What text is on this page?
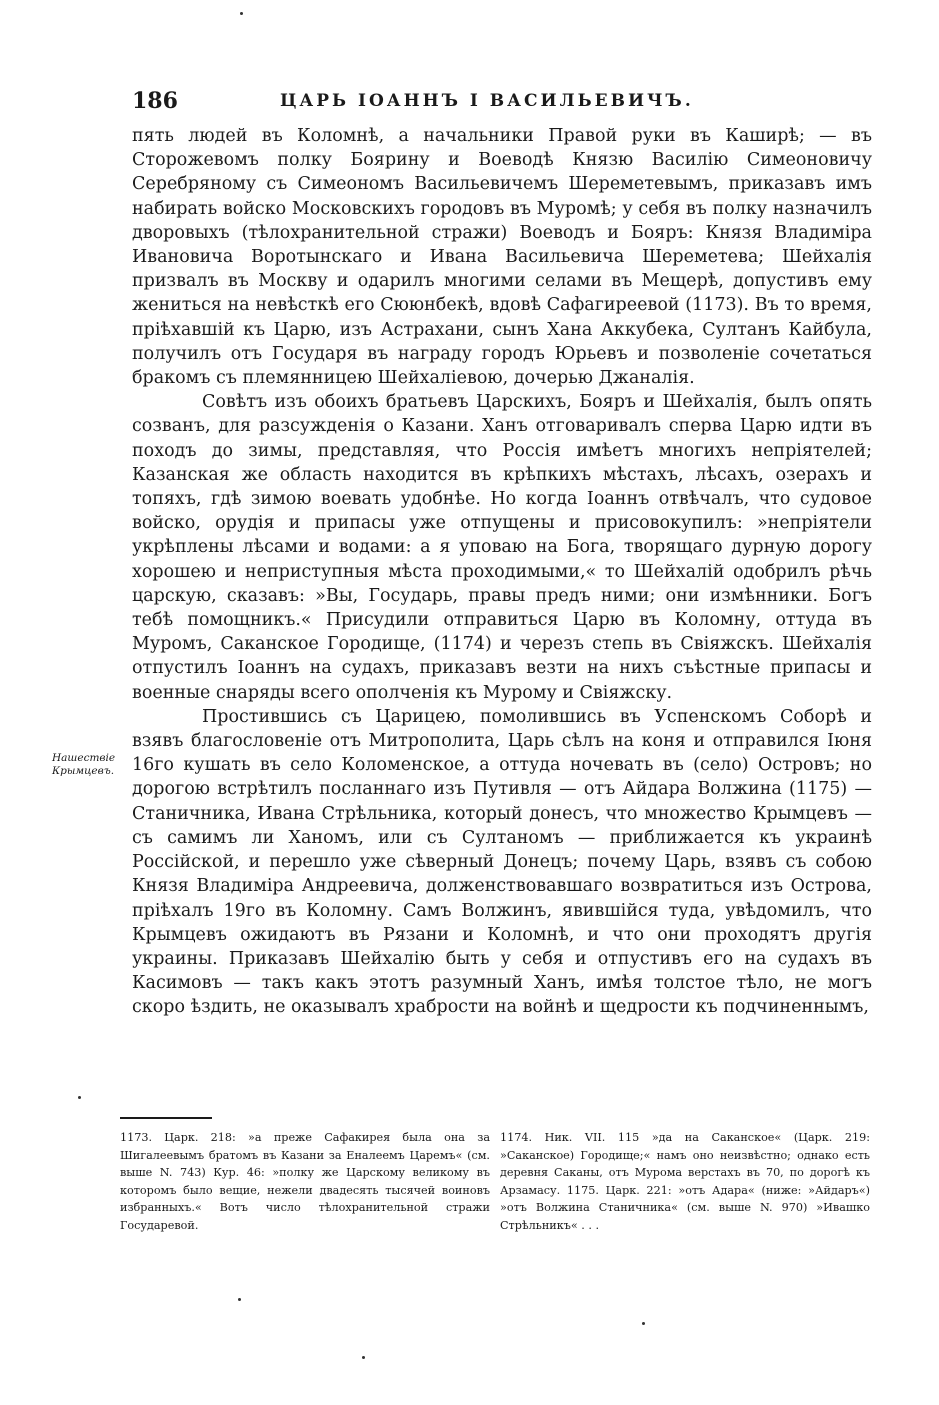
186	ЦАРЬ ІОАННЪ І ВАСИЛЬЕВИЧЪ.

пять людей въ Коломнѣ, а начальники Правой руки въ Каширѣ; — въ Сторожевомъ полку Боярину и Воеводѣ Князю Василію Симеоновичу Серебряному съ Симеономъ Васильевичемъ Шереметевымъ, приказавъ имъ набирать войско Московскихъ городовъ въ Муромѣ; у себя въ полку назначилъ дворовыхъ (тѣлохранительной стражи) Воеводъ и Бояръ: Князя Владиміра Ивановича Воротынскаго и Ивана Васильевича Шереметева; Шейхалія призвалъ въ Москву и одарилъ многими селами въ Мещерѣ, допустивъ ему жениться на невѣсткѣ его Сююнбекѣ, вдовѣ Сафагиреевой (1173). Въ то время, пріѣхавшій къ Царю, изъ Астрахани, сынъ Хана Аккубека, Султанъ Кайбула, получилъ отъ Государя въ награду городъ Юрьевъ и позволеніе сочетаться бракомъ съ племянницею Шейхаліевою, дочерью Джаналія.

Совѣтъ изъ обоихъ братьевъ Царскихъ, Бояръ и Шейхалія, былъ опять созванъ, для разсужденія о Казани. Ханъ отговаривалъ сперва Царю идти въ походъ до зимы, представляя, что Россія имѣетъ многихъ непріятелей; Казанская же область находится въ крѣпкихъ мѣстахъ, лѣсахъ, озерахъ и топяхъ, гдѣ зимою воевать удобнѣе. Но когда Іоаннъ отвѣчалъ, что судовое войско, орудія и припасы уже отпущены и присовокупилъ: »непріятели укрѣплены лѣсами и водами: а я уповаю на Бога, творящаго дурную дорогу хорошею и неприступныя мѣста проходимыми,« то Шейхалій одобрилъ рѣчь царскую, сказавъ: »Вы, Государь, правы предъ ними; они измѣнники. Богъ тебѣ помощникъ.« Присудили отправиться Царю въ Коломну, оттуда въ Муромъ, Саканское Городище, (1174) и черезъ степь въ Свіяжскъ. Шейхалія отпустилъ Іоаннъ на судахъ, приказавъ везти на нихъ съѣстные припасы и военные снаряды всего ополченія къ Мурому и Свіяжску.

Простившись съ Царицею, помолившись въ Успенскомъ Соборѣ и взявъ благословеніе отъ Митрополита, Царь сѣлъ на коня и отправился Іюня 16го кушать въ село Коломенское, а оттуда ночевать въ (село) Островъ; но дорогою встрѣтилъ посланнаго изъ Путивля — отъ Айдара Волжина (1175) — Станичника, Ивана Стрѣльника, который донесъ, что множество Крымцевъ — съ самимъ ли Ханомъ, или съ Султаномъ — приближается къ украинѣ Россійской, и перешло уже сѣверный Донецъ; почему Царь, взявъ съ собою Князя Владиміра Андреевича, долженствовавшаго возвратиться изъ Острова, пріѣхалъ 19го въ Коломну. Самъ Волжинъ, явившійся туда, увѣдомилъ, что Крымцевъ ожидаютъ въ Рязани и Коломнѣ, и что они проходятъ другія украины. Приказавъ Шейхалію быть у себя и отпустивъ его на судахъ въ Касимовъ — такъ какъ этотъ разумный Ханъ, имѣя толстое тѣло, не могъ скоро ѣздить, не оказывалъ храбрости на войнѣ и щедрости къ подчиненнымъ,

Нашествіе Крымцевъ.

1173. Царк. 218: »а преже Сафакирея была она за Шигалеевымъ братомъ въ Казани за Еналеемъ Царемъ« (см. выше N. 743) Кур. 46: »полку же Царскому великому въ которомъ было вещие, нежели двадесять тысячей воиновъ избранныхъ.« Вотъ число тѣлохранительной стражи Государевой.

1174. Ник. VII. 115 »да на Саканское« (Царк. 219: »Саканское) Городище;« намъ оно неизвѣстно; однако есть деревня Саканы, отъ Мурома верстахъ въ 70, по дорогѣ къ Арзамасу. 1175. Царк. 221: »отъ Адара« (ниже: »Айдаръ«) »отъ Волжина Станичника« (см. выше N. 970) »Ивашко Стрѣльникъ« . . .
